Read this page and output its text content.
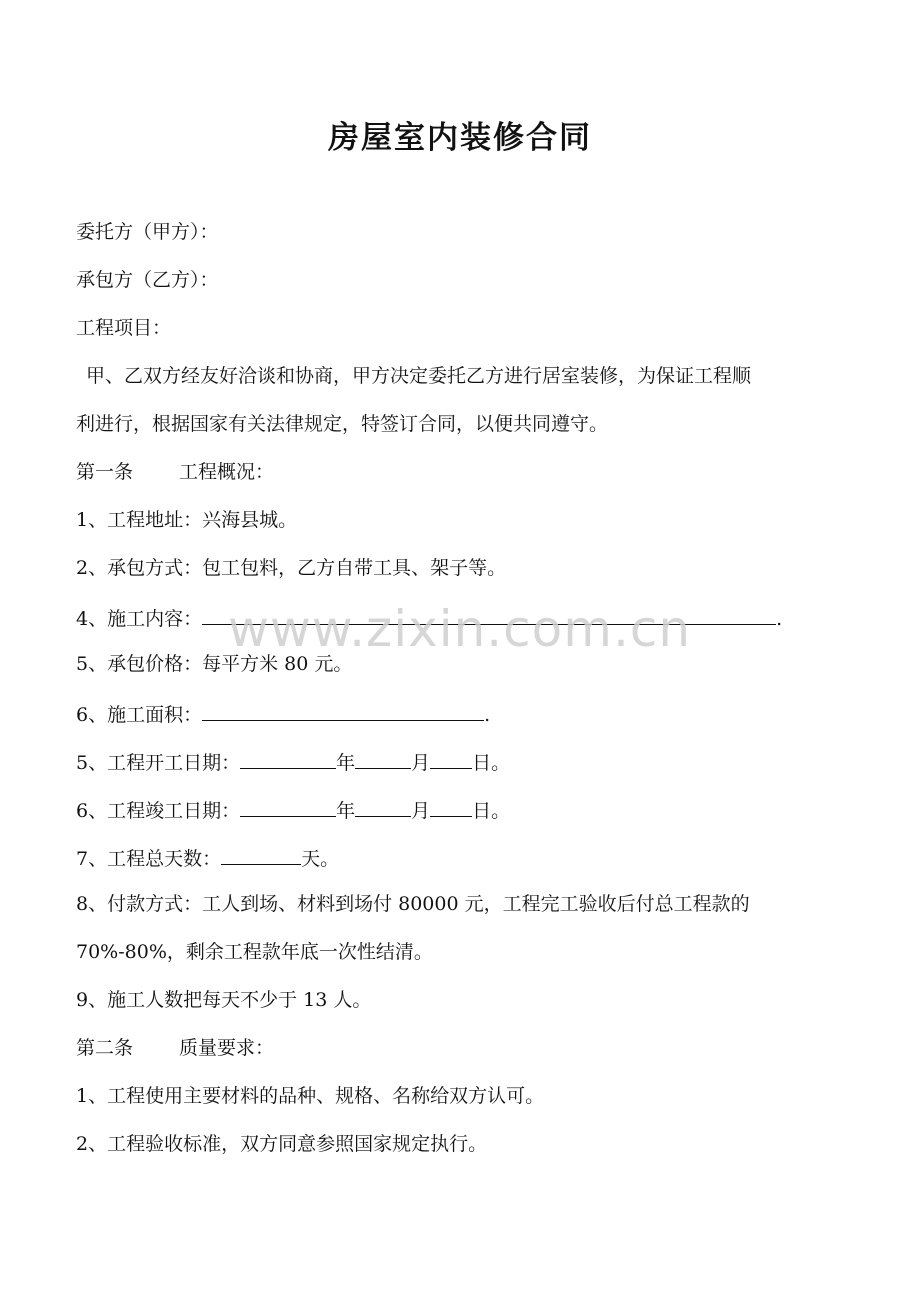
房屋室内装修合同
委托方（甲方）：
承包方（乙方）：
工程项目：
甲、乙双方经友好洽谈和协商，甲方决定委托乙方进行居室装修，为保证工程顺
利进行，根据国家有关法律规定，特签订合同，以便共同遵守。
第一条 工程概况：
1、工程地址：兴海县城。
2、承包方式：包工包料，乙方自带工具、架子等。
4、施工内容：	.
5、承包价格：每平方米 80 元。
6、施工面积：	.
5、工程开工日期：	年	月 日。
6、工程竣工日期：	年	月 日。
7、工程总天数：	天。
8、付款方式：工人到场、材料到场付 80000 元，工程完工验收后付总工程款的
70%-80%，剩余工程款年底一次性结清。
9、施工人数把每天不少于 13 人。
第二条 质量要求：
1、工程使用主要材料的品种、规格、名称给双方认可。
2、工程验收标准，双方同意参照国家规定执行。
www.zixin.com.cn
